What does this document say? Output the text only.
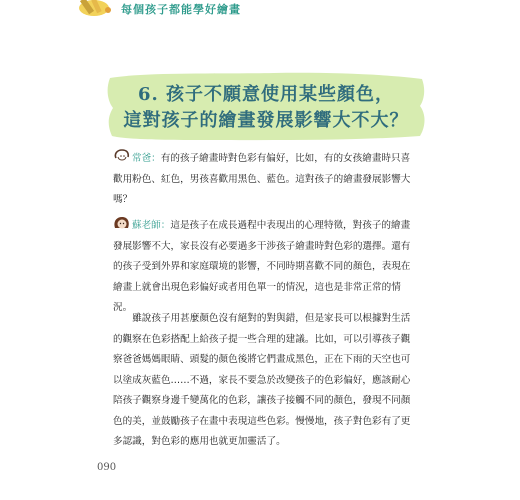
每個孩子都能學好繪畫
6. 孩子不願意使用某些顏色，
這對孩子的繪畫發展影響大不大？
常爸：有的孩子繪畫時對色彩有偏好，比如，有的女孩繪畫時只喜歡用粉色、紅色，男孩喜歡用黑色、藍色。這對孩子的繪畫發展影響大嗎？
蘇老師：這是孩子在成長過程中表現出的心理特徵，對孩子的繪畫發展影響不大，家長沒有必要過多干涉孩子繪畫時對色彩的選擇。還有的孩子受到外界和家庭環境的影響，不同時期喜歡不同的顏色，表現在繪畫上就會出現色彩偏好或者用色單一的情況，這也是非常正常的情況。

雖說孩子用甚麼顏色沒有絕對的對與錯，但是家長可以根據對生活的觀察在色彩搭配上給孩子提一些合理的建議。比如，可以引導孩子觀察爸爸媽媽眼睛、頭髮的顏色後將它們畫成黑色，正在下雨的天空也可以塗成灰藍色……不過，家長不要急於改變孩子的色彩偏好，應該耐心陪孩子觀察身邊千變萬化的色彩，讓孩子接觸不同的顏色，發現不同顏色的美，並鼓勵孩子在畫中表現這些色彩。慢慢地，孩子對色彩有了更多認識，對色彩的應用也就更加靈活了。

090
